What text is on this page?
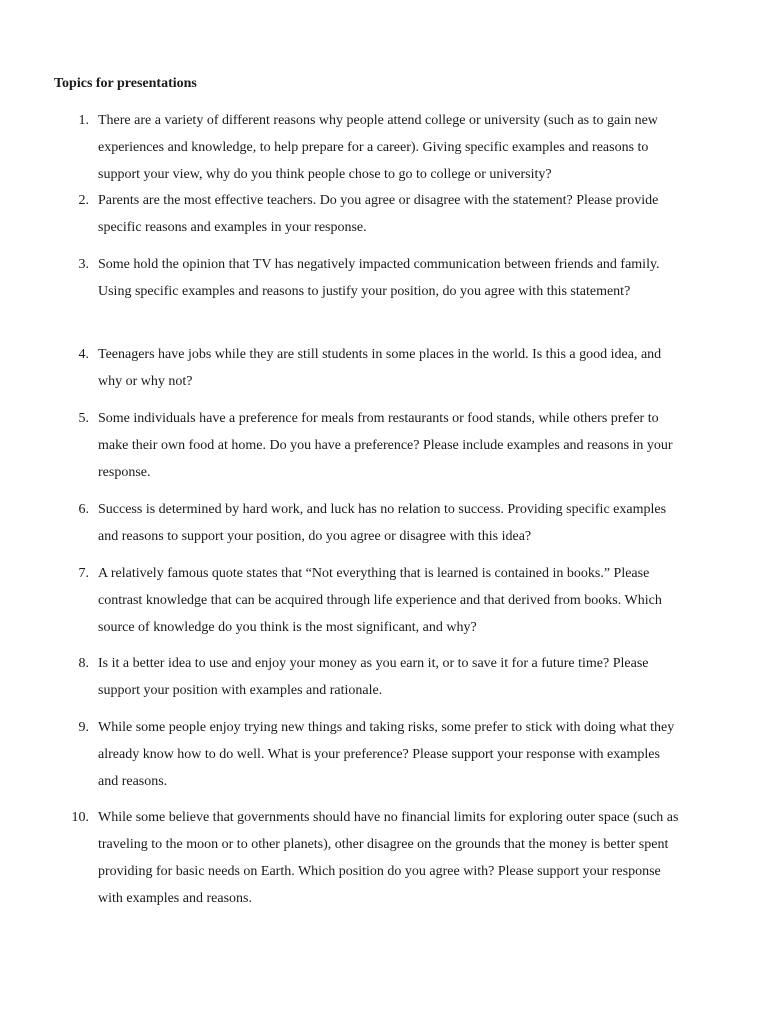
Topics for presentations
1. There are a variety of different reasons why people attend college or university (such as to gain new experiences and knowledge, to help prepare for a career). Giving specific examples and reasons to support your view, why do you think people chose to go to college or university?

2. Parents are the most effective teachers. Do you agree or disagree with the statement? Please provide specific reasons and examples in your response.

3. Some hold the opinion that TV has negatively impacted communication between friends and family. Using specific examples and reasons to justify your position, do you agree with this statement?

4. Teenagers have jobs while they are still students in some places in the world. Is this a good idea, and why or why not?

5. Some individuals have a preference for meals from restaurants or food stands, while others prefer to make their own food at home. Do you have a preference? Please include examples and reasons in your response.

6. Success is determined by hard work, and luck has no relation to success. Providing specific examples and reasons to support your position, do you agree or disagree with this idea?

7. A relatively famous quote states that “Not everything that is learned is contained in books.” Please contrast knowledge that can be acquired through life experience and that derived from books. Which source of knowledge do you think is the most significant, and why?

8. Is it a better idea to use and enjoy your money as you earn it, or to save it for a future time? Please support your position with examples and rationale.

9. While some people enjoy trying new things and taking risks, some prefer to stick with doing what they already know how to do well. What is your preference? Please support your response with examples and reasons.

10. While some believe that governments should have no financial limits for exploring outer space (such as traveling to the moon or to other planets), other disagree on the grounds that the money is better spent providing for basic needs on Earth. Which position do you agree with? Please support your response with examples and reasons.
